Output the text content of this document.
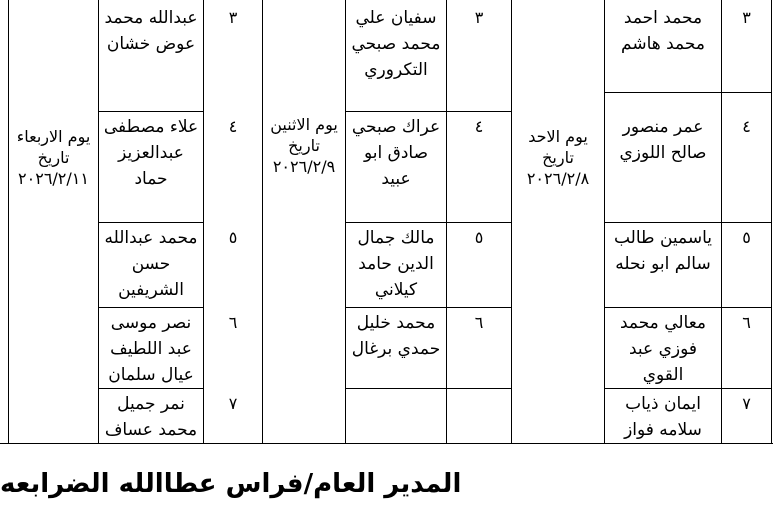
يوم الاحد
تاريخ
٢٠٢٦/٢/٨
يوم الاثنين
تاريخ
٢٠٢٦/٢/٩
يوم الاربعاء
تاريخ
٢٠٢٦/٢/١١
٣
محمد احمد محمد هاشم
٤
عمر منصور صالح اللوزي
٥
ياسمين طالب سالم ابو نحله
٦
معالي محمد فوزي عبد القوي
٧
ايمان ذياب سلامه فواز
٣
سفيان علي محمد صبحي التكروري
٤
عراك صبحي صادق ابو عبيد
٥
مالك جمال الدين حامد كيلاني
٦
محمد خليل حمدي برغال
٣
عبدالله محمد عوض خشان
٤
علاء مصطفى عبدالعزيز حماد
٥
محمد عبدالله حسن الشريفين
٦
نصر موسى عبد اللطيف عيال سلمان
٧
نمر جميل محمد عساف
المدير العام/فراس عطاالله الضرابعه
